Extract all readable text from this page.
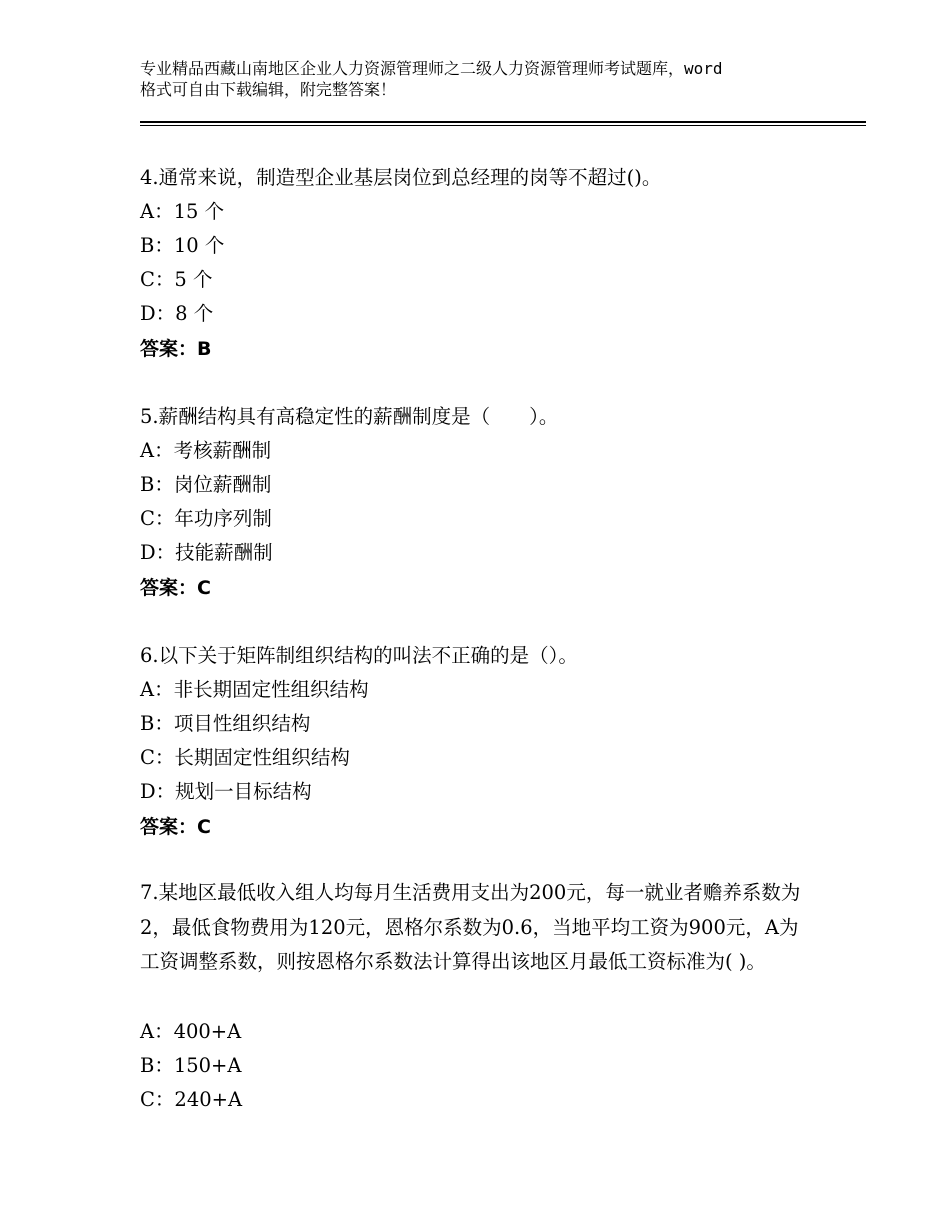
专业精品西藏山南地区企业人力资源管理师之二级人力资源管理师考试题库，word
格式可自由下载编辑，附完整答案！
4.通常来说，制造型企业基层岗位到总经理的岗等不超过()。
A：15 个
B：10 个
C：5 个
D：8 个
答案：B
5.薪酬结构具有高稳定性的薪酬制度是（　　）。
A：考核薪酬制
B：岗位薪酬制
C：年功序列制
D：技能薪酬制
答案：C
6.以下关于矩阵制组织结构的叫法不正确的是（）。
A：非长期固定性组织结构
B：项目性组织结构
C：长期固定性组织结构
D：规划一目标结构
答案：C
7.某地区最低收入组人均每月生活费用支出为200元，每一就业者赡养系数为2，最低食物费用为120元，恩格尔系数为0.6，当地平均工资为900元，A为工资调整系数，则按恩格尔系数法计算得出该地区月最低工资标准为( )。
A：400+A
B：150+A
C：240+A
